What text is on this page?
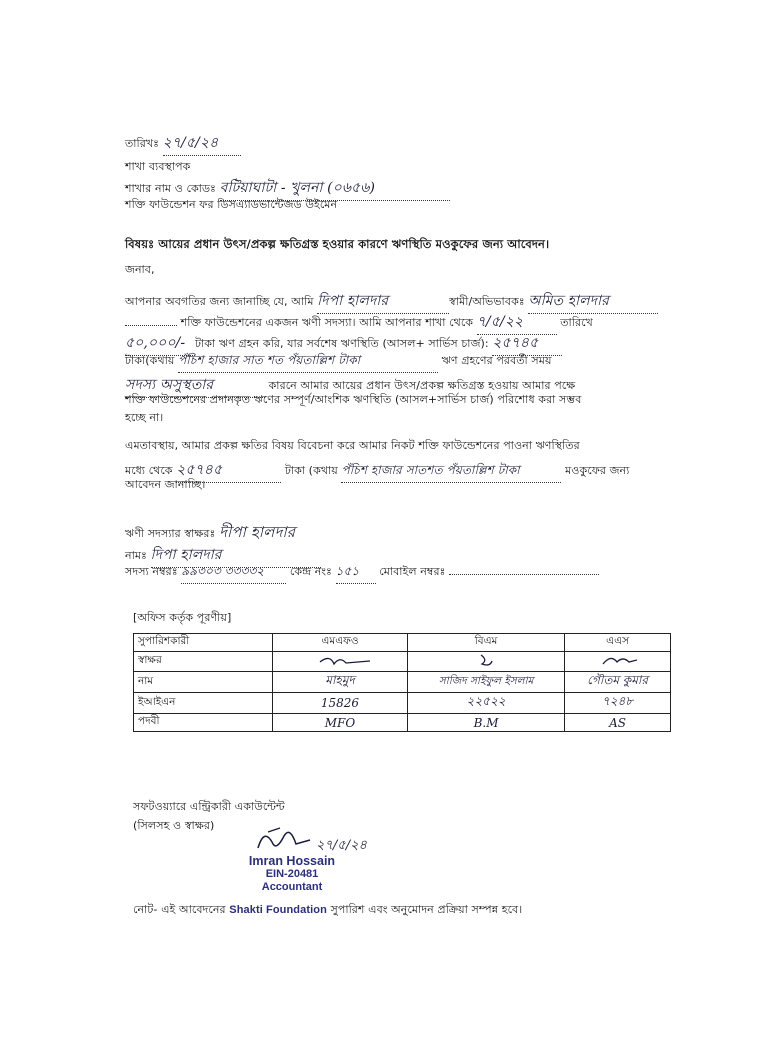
তারিখঃ ২৭/৫/২৪
শাখা ব্যবস্থাপক
শাখার নাম ও কোডঃ বটিয়াঘাটা - খুলনা (০৬৫৬)
শক্তি ফাউন্ডেশন ফর ডিসএ্যাডভান্টেজড উইমেন
বিষয়ঃ আয়ের প্রধান উৎস/প্রকল্প ক্ষতিগ্রস্ত হওয়ার কারণে ঋণস্থিতি মওকুফের জন্য আবেদন।
জনাব,
আপনার অবগতির জন্য জানাচ্ছি যে, আমি দিপা হালদার	স্বামী/অভিভাবকঃ অমিত হালদার
শক্তি ফাউন্ডেশনের একজন ঋণী সদস্যা। আমি আপনার শাখা থেকে ৭/৫/২২	তারিখে
৫০,০০০/- টাকা ঋণ গ্রহন করি, যার সর্বশেষ ঋণস্থিতি (আসল+ সার্ভিস চার্জ): ২৫৭৪৫
টাকা(কথায় পঁচিশ হাজার সাত শত পঁয়তাল্লিশ টাকা	ঋণ গ্রহণের পরবর্তী সময়
সদস্য অসুস্থতার	কারনে আমার আয়ের প্রধান উৎস/প্রকল্প ক্ষতিগ্রস্ত হওয়ায় আমার পক্ষে
শক্তি ফাউন্ডেশনের প্রদানকৃত ঋণের সম্পূর্ণ/আংশিক ঋণস্থিতি (আসল+সার্ভিস চার্জ) পরিশোধ করা সম্ভব
হচ্ছে না।
এমতাবস্থায়, আমার প্রকল্প ক্ষতির বিষয় বিবেচনা করে আমার নিকট শক্তি ফাউন্ডেশনের পাওনা ঋণস্থিতির
মধ্যে থেকে ২৫৭৪৫	টাকা (কথায় পঁচিশ হাজার সাতশত পঁয়তাল্লিশ টাকা	মওকুফের জন্য
আবেদন জানাচ্ছি।
ঋণী সদস্যার স্বাক্ষরঃ দীপা হালদার
নামঃ দিপা হালদার
সদস্য নম্বরঃ ৯৯৩০৩ ৩৩৩৩২ কেন্দ্র নংঃ ১৫১ মোবাইল নম্বরঃ
[অফিস কর্তৃক পূরণীয়]
সুপারিশকারী	এমএফও	বিএম	এএস
স্বাক্ষর			
নাম	মাহমুদ	সাজিদ সাইফুল ইসলাম	গৌতম কুমার
ইআইএন	15826	২২৫২২	৭২৪৮
পদবী	MFO	B.M	AS
সফটওয়্যারে এন্ট্রিকারী একাউন্টেন্ট
(সিলসহ ও স্বাক্ষর)
২৭/৫/২৪
Imran Hossain
EIN-20481
Accountant
নোট- এই আবেদনের Shakti Foundation সুপারিশ এবং অনুমোদন প্রক্রিয়া সম্পন্ন হবে।
